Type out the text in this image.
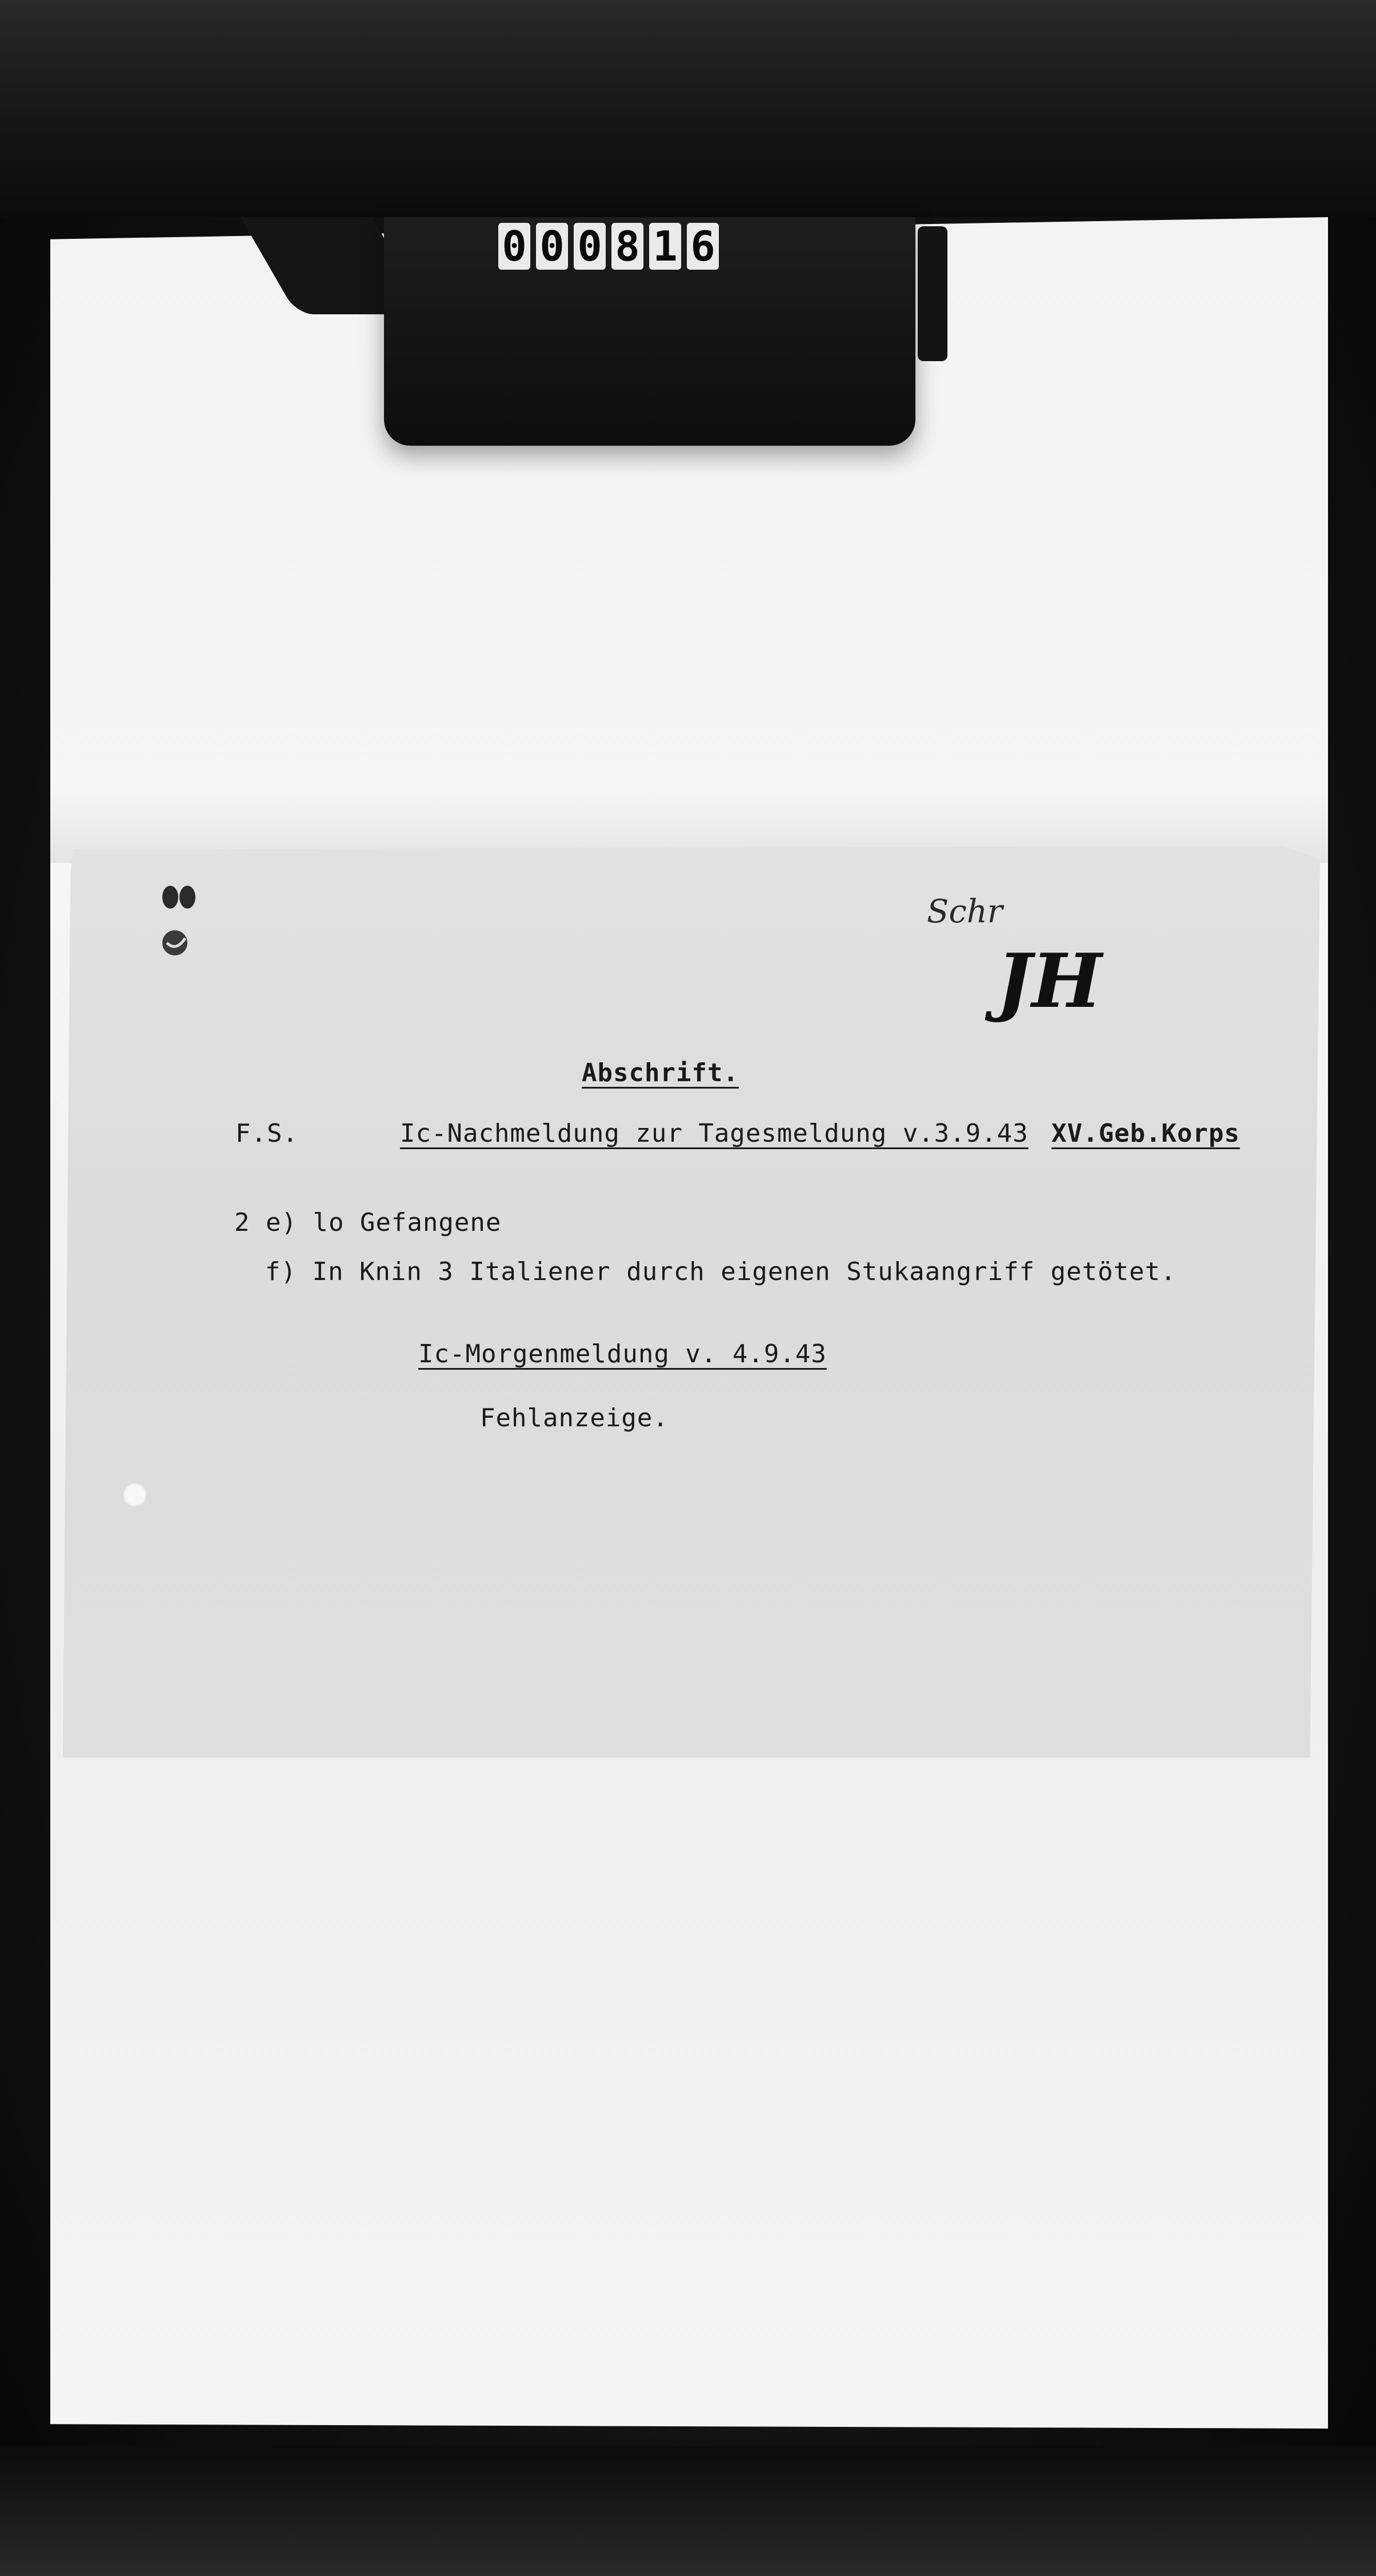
0 0 0 8 1 6
Schr
JH
Abschrift.
F.S.	Ic-Nachmeldung zur Tagesmeldung v.3.9.43 XV.Geb.Korps
2 e) lo Gefangene
f) In Knin 3 Italiener durch eigenen Stukaangriff getötet.
Ic-Morgenmeldung v. 4.9.43
Fehlanzeige.
